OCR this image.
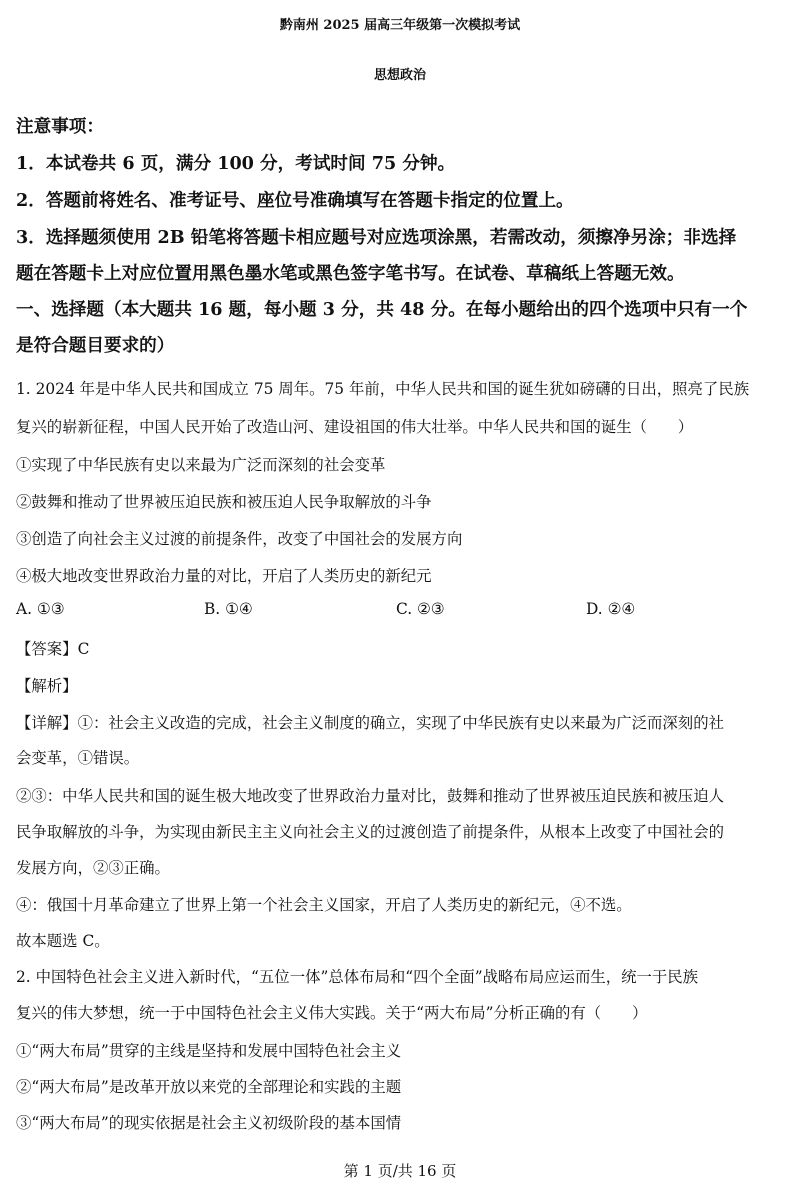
黔南州 2025 届高三年级第一次模拟考试
思想政治
注意事项：
1．本试卷共 6 页，满分 100 分，考试时间 75 分钟。
2．答题前将姓名、准考证号、座位号准确填写在答题卡指定的位置上。
3．选择题须使用 2B 铅笔将答题卡相应题号对应选项涂黑，若需改动，须擦净另涂；非选择
题在答题卡上对应位置用黑色墨水笔或黑色签字笔书写。在试卷、草稿纸上答题无效。
一、选择题（本大题共 16 题，每小题 3 分，共 48 分。在每小题给出的四个选项中只有一个
是符合题目要求的）
1. 2024 年是中华人民共和国成立 75 周年。75 年前，中华人民共和国的诞生犹如磅礴的日出，照亮了民族
复兴的崭新征程，中国人民开始了改造山河、建设祖国的伟大壮举。中华人民共和国的诞生（　　）
①实现了中华民族有史以来最为广泛而深刻的社会变革
②鼓舞和推动了世界被压迫民族和被压迫人民争取解放的斗争
③创造了向社会主义过渡的前提条件，改变了中国社会的发展方向
④极大地改变世界政治力量的对比，开启了人类历史的新纪元
A. ①③	B. ①④	C. ②③	D. ②④
【答案】C
【解析】
【详解】①：社会主义改造的完成，社会主义制度的确立，实现了中华民族有史以来最为广泛而深刻的社
会变革，①错误。
②③：中华人民共和国的诞生极大地改变了世界政治力量对比，鼓舞和推动了世界被压迫民族和被压迫人
民争取解放的斗争，为实现由新民主主义向社会主义的过渡创造了前提条件，从根本上改变了中国社会的
发展方向，②③正确。
④：俄国十月革命建立了世界上第一个社会主义国家，开启了人类历史的新纪元，④不选。
故本题选 C。
2. 中国特色社会主义进入新时代，“五位一体”总体布局和“四个全面”战略布局应运而生，统一于民族
复兴的伟大梦想，统一于中国特色社会主义伟大实践。关于“两大布局”分析正确的有（　　）
①“两大布局”贯穿的主线是坚持和发展中国特色社会主义
②“两大布局”是改革开放以来党的全部理论和实践的主题
③“两大布局”的现实依据是社会主义初级阶段的基本国情
第 1 页/共 16 页
